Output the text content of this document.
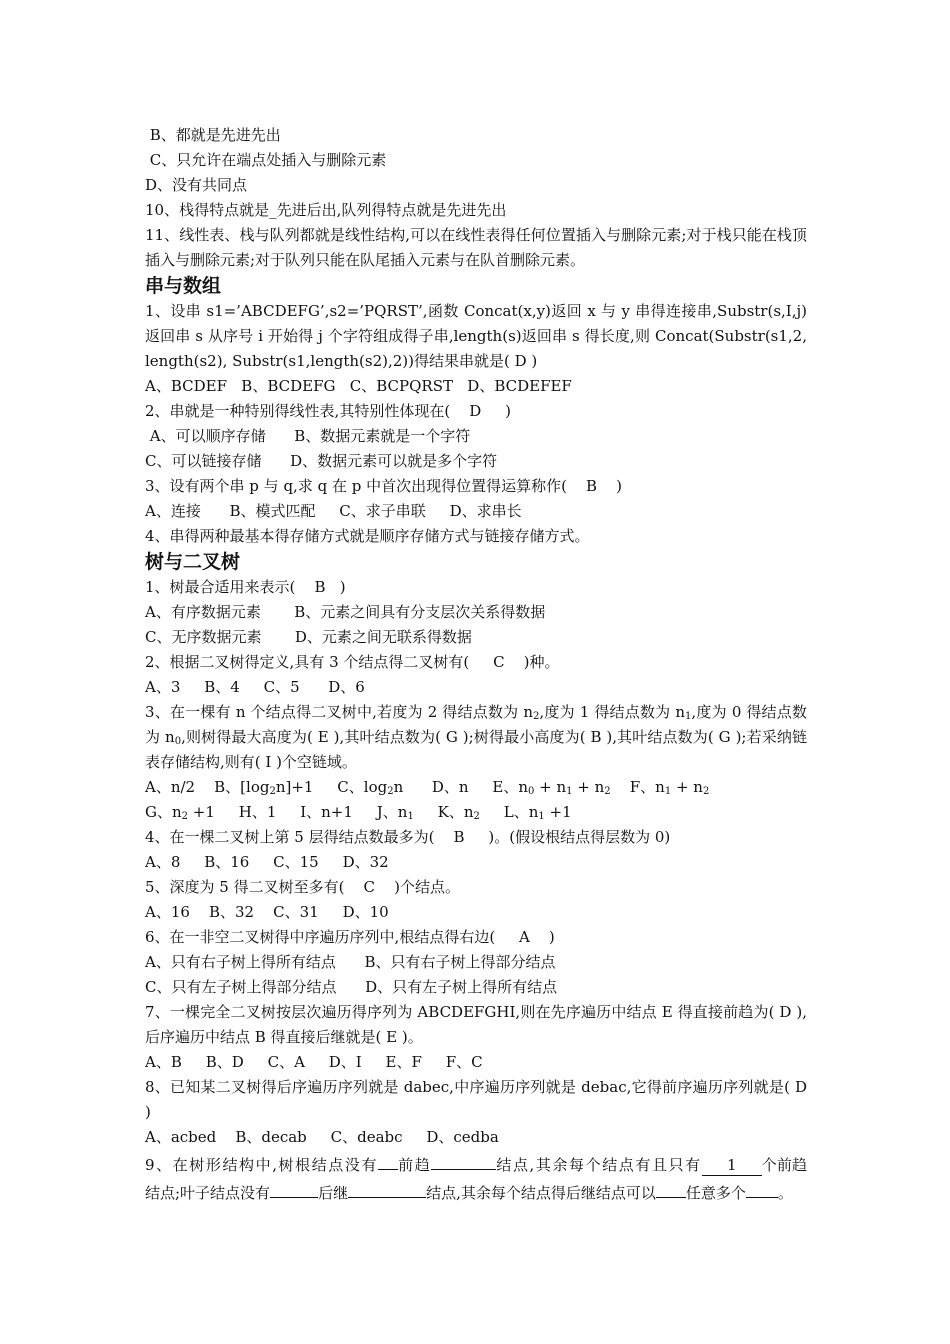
B、都就是先进先出
C、只允许在端点处插入与删除元素
D、没有共同点
10、栈得特点就是_先进后出,队列得特点就是先进先出
11、线性表、栈与队列都就是线性结构,可以在线性表得任何位置插入与删除元素;对于栈只能在栈顶插入与删除元素;对于队列只能在队尾插入元素与在队首删除元素。
串与数组
1、设串 s1=’ABCDEFG’,s2=’PQRST’,函数 Concat(x,y)返回 x 与 y 串得连接串,Substr(s,I,j)返回串 s 从序号 i 开始得 j 个字符组成得子串,length(s)返回串 s 得长度,则 Concat(Substr(s1,2, length(s2), Substr(s1,length(s2),2))得结果串就是( D )
A、BCDEF   B、BCDEFG   C、BCPQRST   D、BCDEFEF
2、串就是一种特别得线性表,其特别性体现在(    D     )
A、可以顺序存储      B、数据元素就是一个字符
C、可以链接存储      D、数据元素可以就是多个字符
3、设有两个串 p 与 q,求 q 在 p 中首次出现得位置得运算称作(    B    )
A、连接      B、模式匹配     C、求子串联     D、求串长
4、串得两种最基本得存储方式就是顺序存储方式与链接存储方式。
树与二叉树
1、树最合适用来表示(    B   )
A、有序数据元素       B、元素之间具有分支层次关系得数据
C、无序数据元素       D、元素之间无联系得数据
2、根据二叉树得定义,具有 3 个结点得二叉树有(     C    )种。
A、3     B、4     C、5      D、6
3、在一棵有 n 个结点得二叉树中,若度为 2 得结点数为 $n_2$,度为 1 得结点数为 $n_1$,度为 0 得结点数为 $n_0$,则树得最大高度为( E ),其叶结点数为( G );树得最小高度为( B ),其叶结点数为( G );若采纳链表存储结构,则有( I )个空链域。
A、n/2    B、$[\log_2n]+1$     C、$\log_2n$      D、n     E、$n_0 + n_1 + n_2$    F、$n_1 + n_2$
G、$n_2 +1$     H、1     I、n+1     J、$n_1$     K、$n_2$     L、$n_1 +1$
4、在一棵二叉树上第 5 层得结点数最多为(    B     )。(假设根结点得层数为 0)
A、8     B、16     C、15     D、32
5、深度为 5 得二叉树至多有(    C    )个结点。
A、16    B、32    C、31     D、10
6、在一非空二叉树得中序遍历序列中,根结点得右边(     A    )
A、只有右子树上得所有结点      B、只有右子树上得部分结点
C、只有左子树上得部分结点      D、只有左子树上得所有结点
7、一棵完全二叉树按层次遍历得序列为 ABCDEFGHI,则在先序遍历中结点 E 得直接前趋为( D ),后序遍历中结点 B 得直接后继就是( E )。
A、B     B、D     C、A     D、I     E、F     F、C
8、已知某二叉树得后序遍历序列就是 dabec,中序遍历序列就是 debac,它得前序遍历序列就是( D )
A、acbed    B、decab     C、deabc     D、cedba
9、在树形结构中,树根结点没有 前趋	结点,其余每个结点有且只有 1 个前趋结点;叶子结点没有	后继	结点,其余每个结点得后继结点可以 任意多个 。
